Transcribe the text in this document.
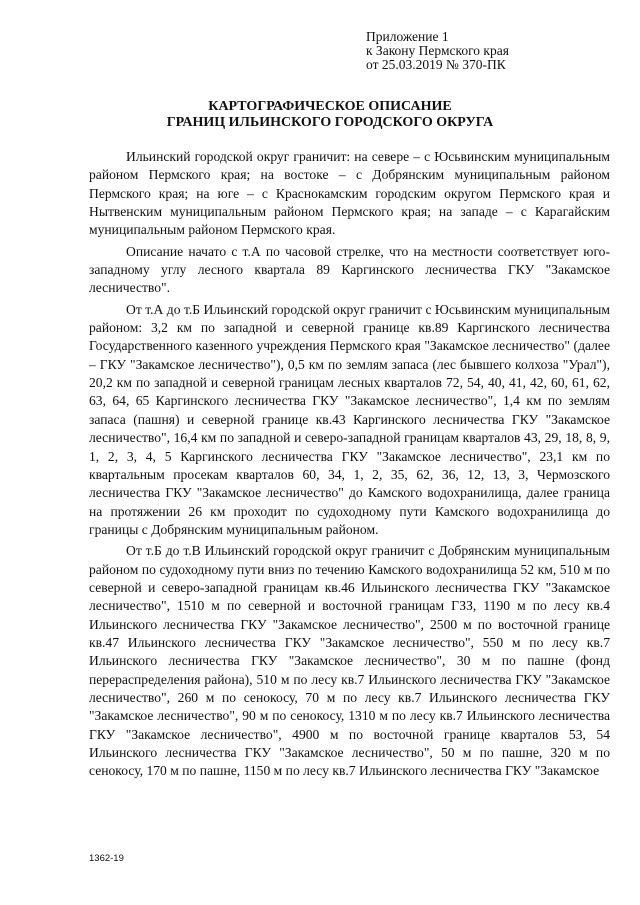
Приложение 1
к Закону Пермского края
от 25.03.2019 № 370-ПК
КАРТОГРАФИЧЕСКОЕ ОПИСАНИЕ
ГРАНИЦ ИЛЬИНСКОГО ГОРОДСКОГО ОКРУГА

Ильинский городской округ граничит: на севере – с Юсьвинским муниципальным районом Пермского края; на востоке – с Добрянским муниципальным районом Пермского края; на юге – с Краснокамским городским округом Пермского края и Нытвенским муниципальным районом Пермского края; на западе – с Карагайским муниципальным районом Пермского края.

Описание начато с т.А по часовой стрелке, что на местности соответствует юго-западному углу лесного квартала 89 Каргинского лесничества ГКУ "Закамское лесничество".

От т.А до т.Б Ильинский городской округ граничит с Юсьвинским муниципальным районом: 3,2 км по западной и северной границе кв.89 Каргинского лесничества Государственного казенного учреждения Пермского края "Закамское лесничество" (далее – ГКУ "Закамское лесничество"), 0,5 км по землям запаса (лес бывшего колхоза "Урал"), 20,2 км по западной и северной границам лесных кварталов 72, 54, 40, 41, 42, 60, 61, 62, 63, 64, 65 Каргинского лесничества ГКУ "Закамское лесничество", 1,4 км по землям запаса (пашня) и северной границе кв.43 Каргинского лесничества ГКУ "Закамское лесничество", 16,4 км по западной и северо-западной границам кварталов 43, 29, 18, 8, 9, 1, 2, 3, 4, 5 Каргинского лесничества ГКУ "Закамское лесничество", 23,1 км по квартальным просекам кварталов 60, 34, 1, 2, 35, 62, 36, 12, 13, 3, Чермозского лесничества ГКУ "Закамское лесничество" до Камского водохранилища, далее граница на протяжении 26 км проходит по судоходному пути Камского водохранилища до границы с Добрянским муниципальным районом.

От т.Б до т.В Ильинский городской округ граничит с Добрянским муниципальным районом по судоходному пути вниз по течению Камского водохранилища 52 км, 510 м по северной и северо-западной границам кв.46 Ильинского лесничества ГКУ "Закамское лесничество", 1510 м по северной и восточной границам ГЗЗ, 1190 м по лесу кв.4 Ильинского лесничества ГКУ "Закамское лесничество", 2500 м по восточной границе кв.47 Ильинского лесничества ГКУ "Закамское лесничество", 550 м по лесу кв.7 Ильинского лесничества ГКУ "Закамское лесничество", 30 м по пашне (фонд перераспределения района), 510 м по лесу кв.7 Ильинского лесничества ГКУ "Закамское лесничество", 260 м по сенокосу, 70 м по лесу кв.7 Ильинского лесничества ГКУ "Закамское лесничество", 90 м по сенокосу, 1310 м по лесу кв.7 Ильинского лесничества ГКУ "Закамское лесничество", 4900 м по восточной границе кварталов 53, 54 Ильинского лесничества ГКУ "Закамское лесничество", 50 м по пашне, 320 м по сенокосу, 170 м по пашне, 1150 м по лесу кв.7 Ильинского лесничества ГКУ "Закамское

1362-19
